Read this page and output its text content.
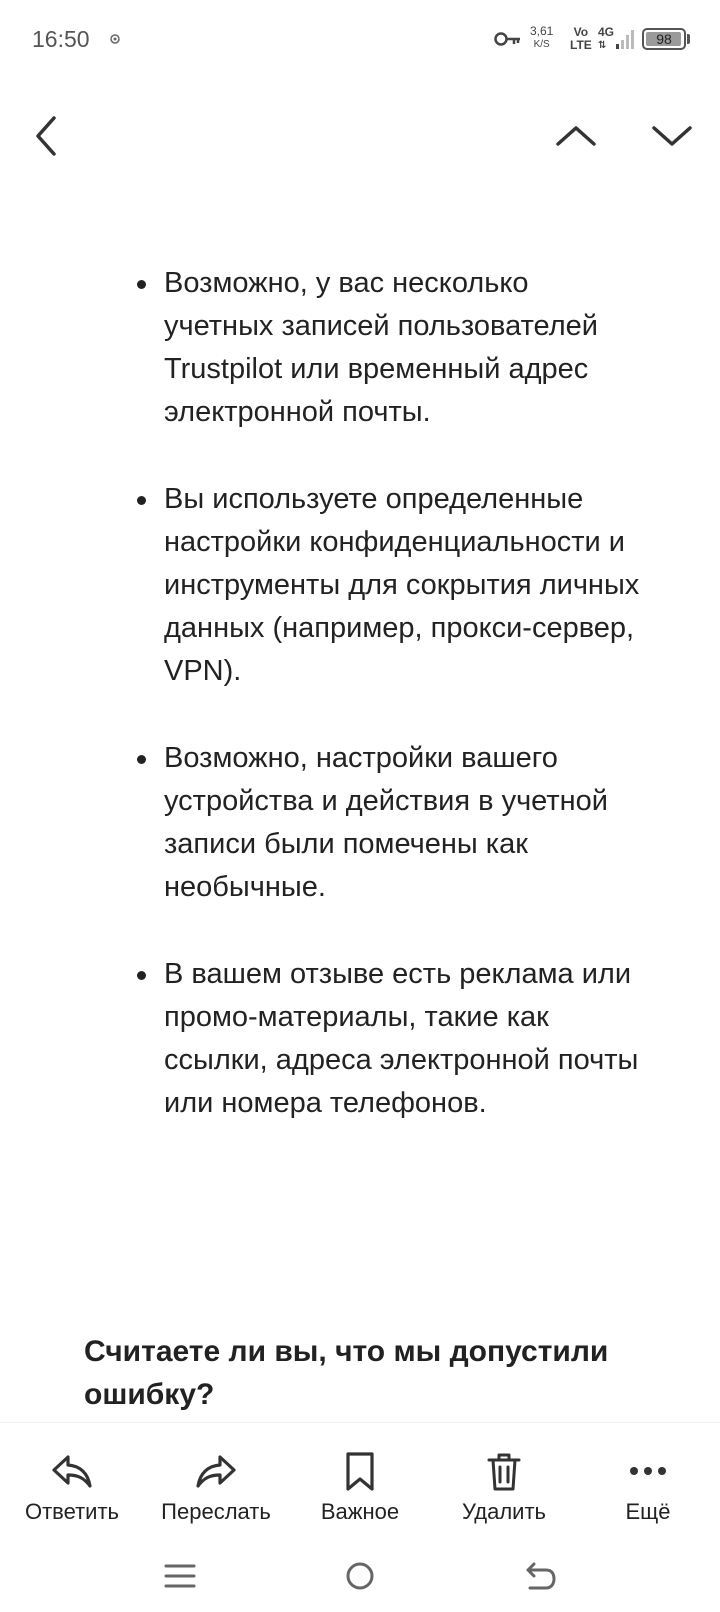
16:50	3,61
K/S
Vo
LTE
4G
⇅	98
Возможно, у вас несколько учетных записей пользователей Trustpilot или временный адрес электронной почты.
Вы используете определенные настройки конфиденциальности и инструменты для сокрытия личных данных (например, прокси-сервер, VPN).
Возможно, настройки вашего устройства и действия в учетной записи были помечены как необычные.
В вашем отзыве есть реклама или промо-материалы, такие как ссылки, адреса электронной почты или номера телефонов.
Считаете ли вы, что мы допустили ошибку?
Ответить	Переслать	Важное	Удалить	Ещё
